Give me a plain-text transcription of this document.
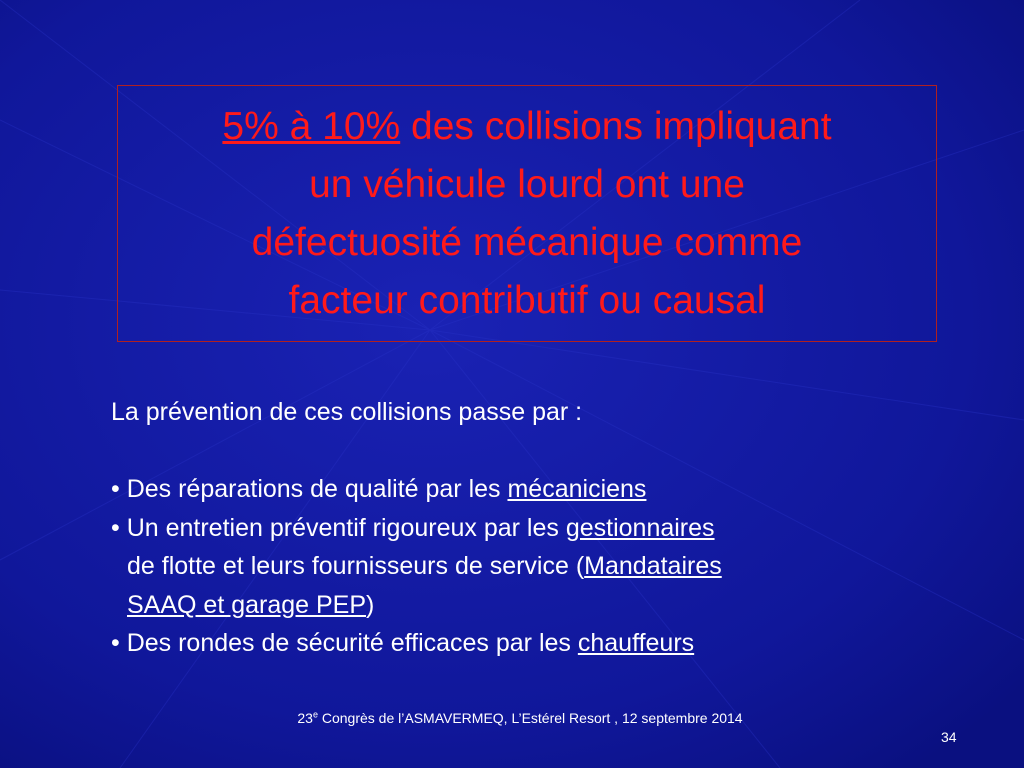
5% à 10% des collisions impliquant
un véhicule lourd ont une
défectuosité mécanique comme
facteur contributif ou causal

La prévention de ces collisions passe par :

• Des réparations de qualité par les mécaniciens

• Un entretien préventif rigoureux par les gestionnaires

de flotte et leurs fournisseurs de service (Mandataires

SAAQ et garage PEP)

• Des rondes de sécurité efficaces par les chauffeurs

23e Congrès de l’ASMAVERMEQ, L’Estérel Resort , 12 septembre 2014
34
